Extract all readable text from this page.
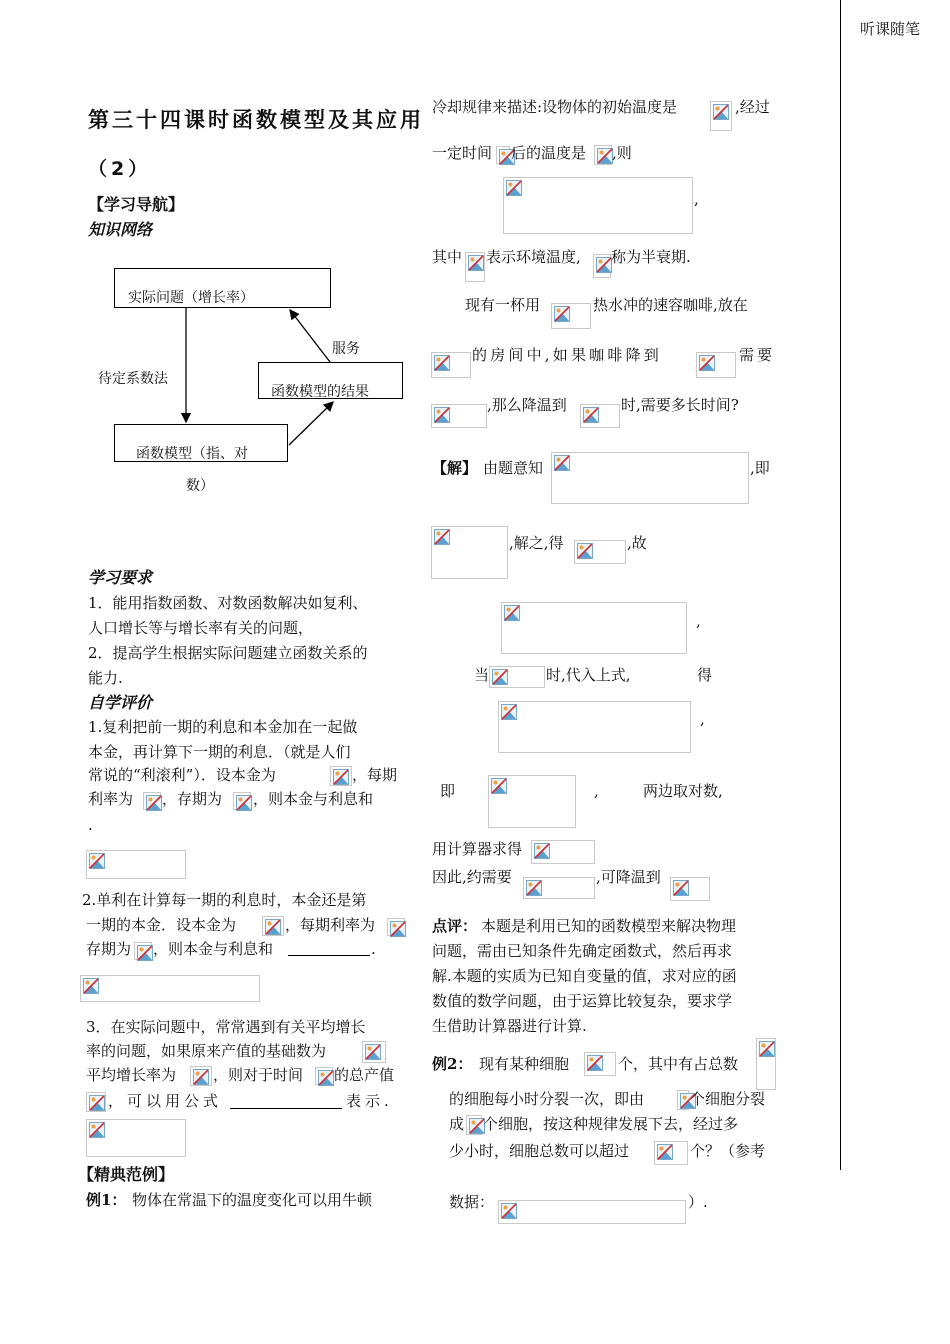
听课随笔
第三十四课时函数模型及其应用
（2）
【学习导航】
知识网络
实际问题（增长率）
函数模型的结果
函数模型（指、对
数）
待定系数法
服务
学习要求
1．能用指数函数、对数函数解决如复利、
人口增长等与增长率有关的问题，
2．提高学生根据实际问题建立函数关系的
能力.
自学评价
1.复利把前一期的利息和本金加在一起做
本金，再计算下一期的利息．（就是人们
常说的“利滚利”）．设本金为	，每期
利率为 ，存期为 ，则本金与利息和
.
2.单利在计算每一期的利息时，本金还是第
一期的本金．设本金为	，每期利率为
存期为 ，则本金与利息和	.
3．在实际问题中，常常遇到有关平均增长
率的问题，如果原来产值的基础数为
平均增长率为 ，则对于时间 的总产值
，可以用公式	表示.
【精典范例】
例1： 物体在常温下的温度变化可以用牛顿
冷却规律来描述:设物体的初始温度是	,经过
一定时间 后的温度是 ,则
,
其中 表示环境温度, 称为半衰期.
现有一杯用	热水冲的速容咖啡,放在
的房间中,如果咖啡降到	需要
,那么降温到	时,需要多长时间?
【解】 由题意知	,即
,解之,得	,故
,
当	时,代入上式,	得
,
即	,	两边取对数,
用计算器求得
因此,约需要	,可降温到
点评： 本题是利用已知的函数模型来解决物理
问题，需由已知条件先确定函数式，然后再求
解.本题的实质为已知自变量的值，求对应的函
数值的数学问题，由于运算比较复杂，要求学
生借助计算器进行计算.
例2： 现有某种细胞	个，其中有占总数
的细胞每小时分裂一次，即由	个细胞分裂
成 个细胞，按这种规律发展下去，经过多
少小时，细胞总数可以超过	个？（参考
数据：	）.
